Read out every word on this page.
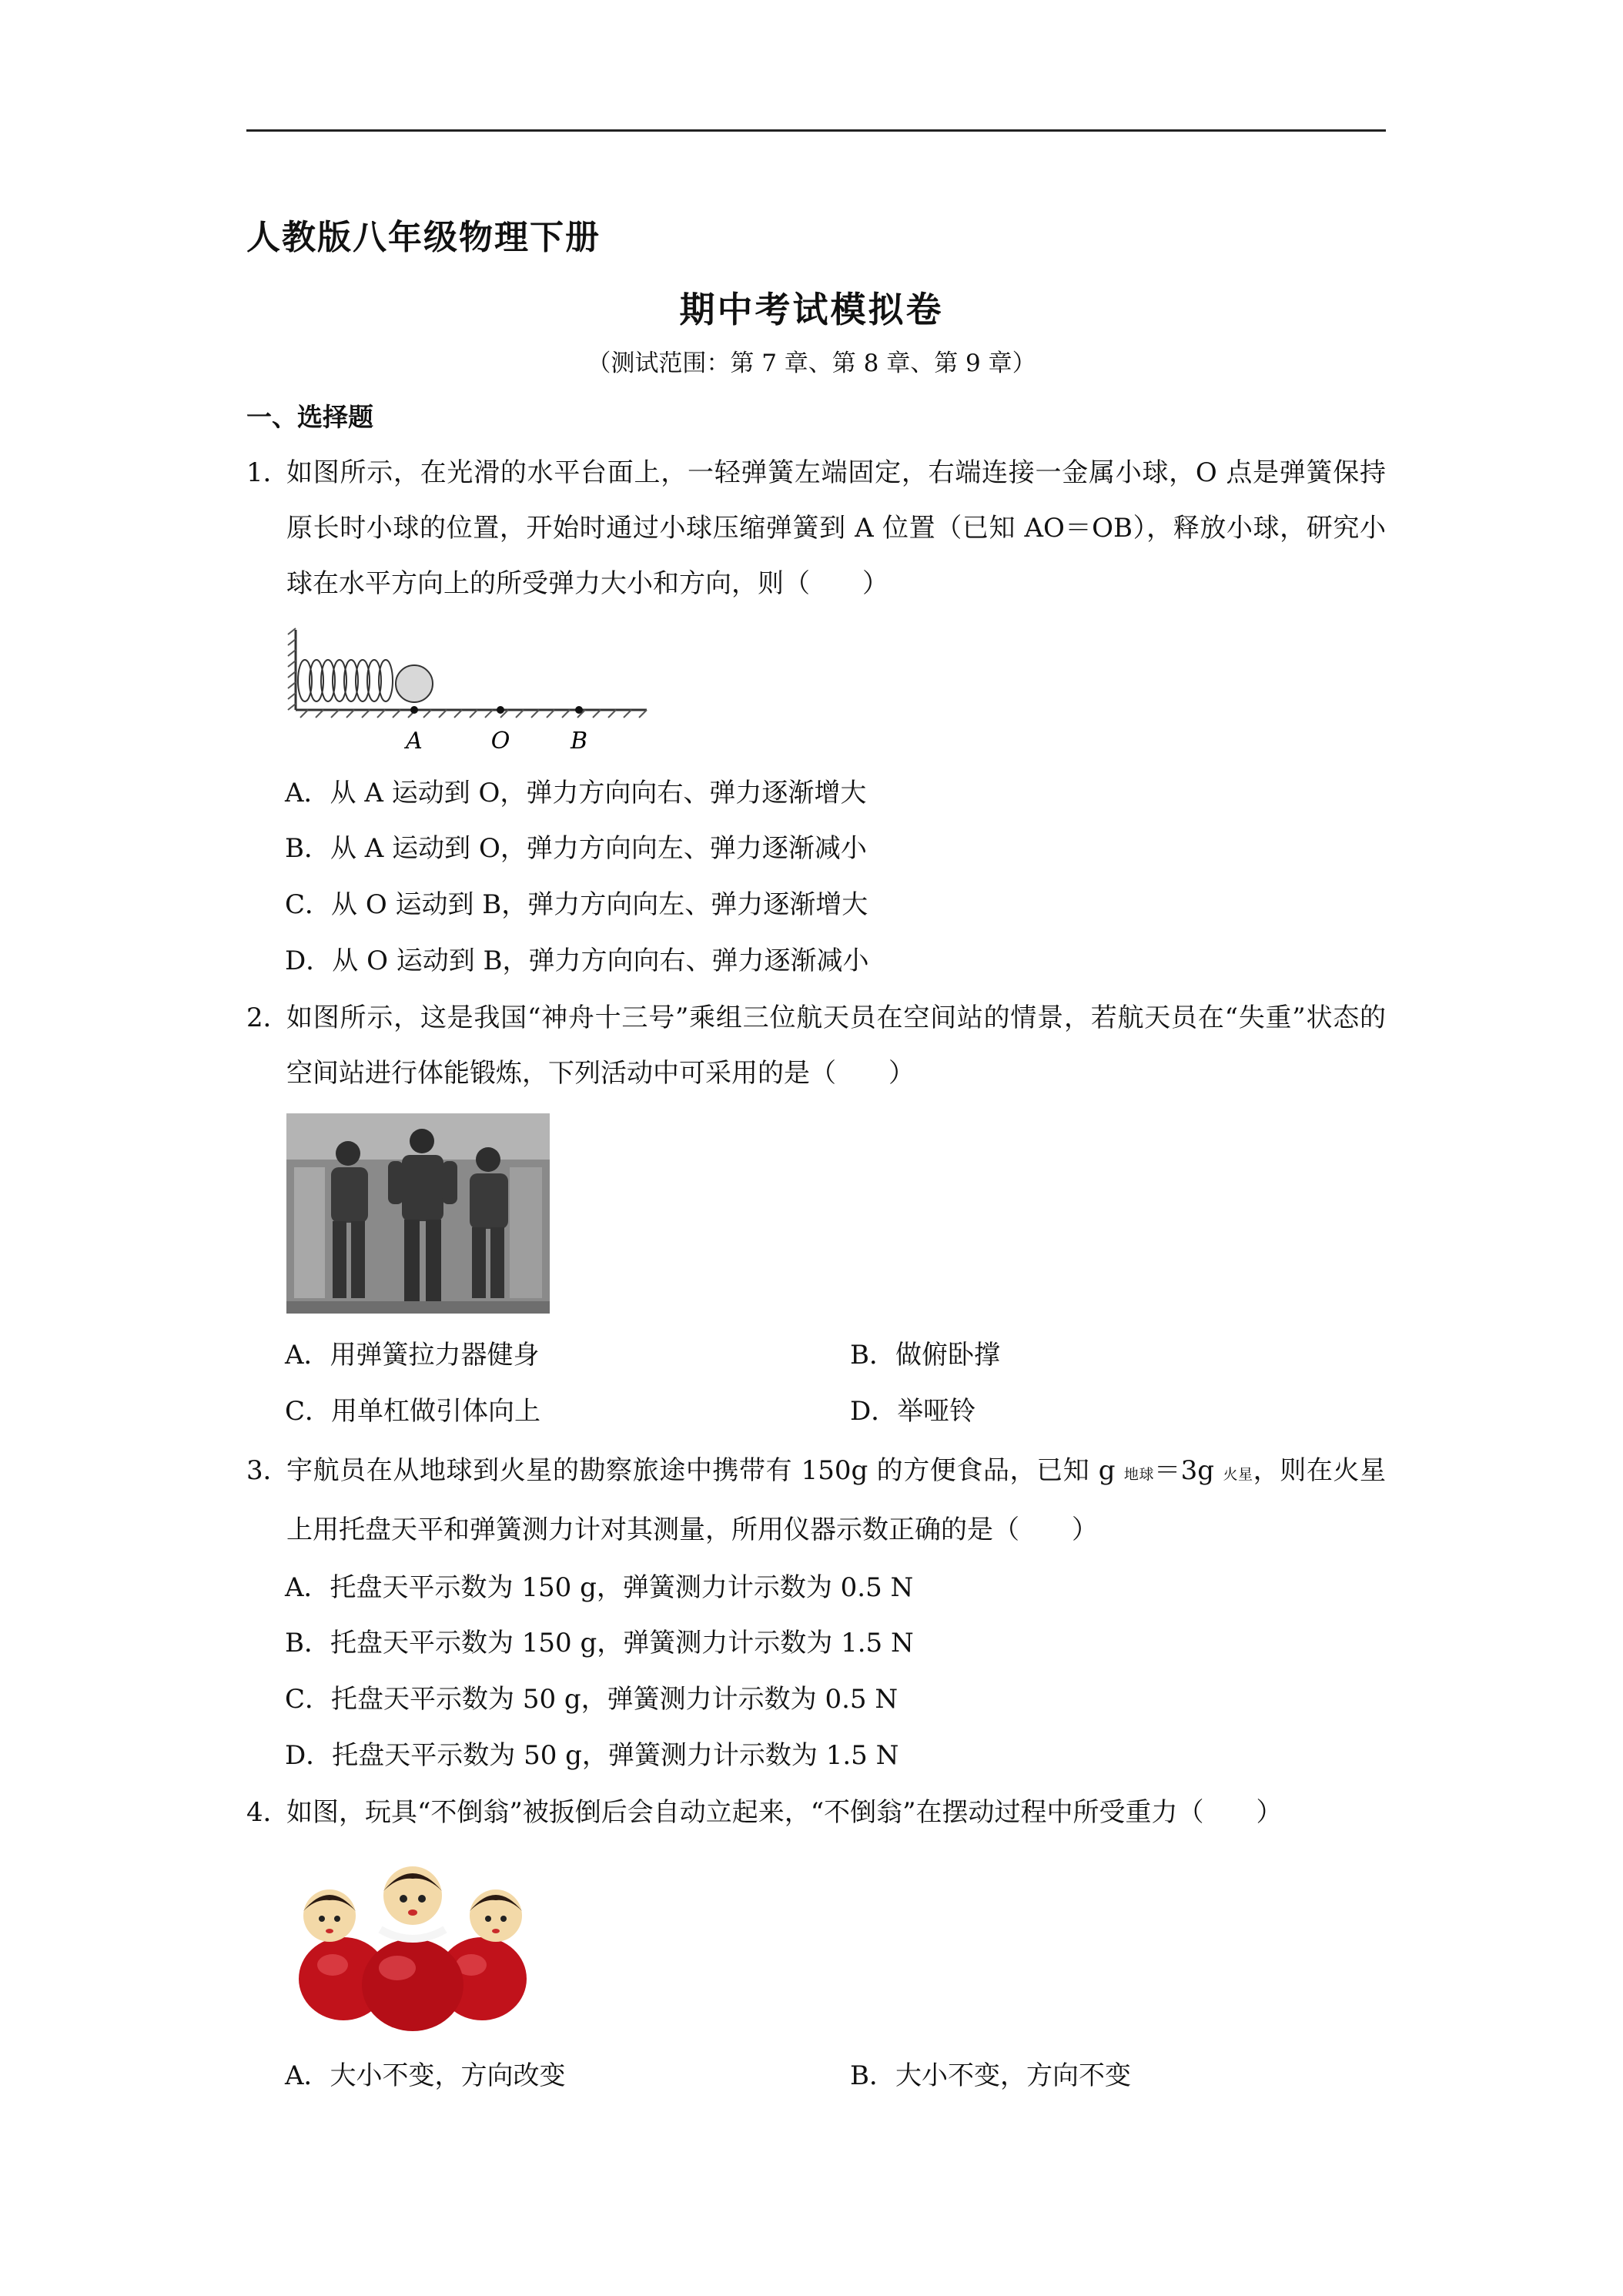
人教版八年级物理下册
期中考试模拟卷
（测试范围：第 7 章、第 8 章、第 9 章）
一、选择题
1．
如图所示，在光滑的水平台面上，一轻弹簧左端固定，右端连接一金属小球，O 点是弹簧保持原长时小球的位置，开始时通过小球压缩弹簧到 A 位置（已知 AO＝OB），释放小球，研究小球在水平方向上的所受弹力大小和方向，则（　　）
A	O	B
A．从 A 运动到 O，弹力方向向右、弹力逐渐增大
B．从 A 运动到 O，弹力方向向左、弹力逐渐减小
C．从 O 运动到 B，弹力方向向左、弹力逐渐增大
D．从 O 运动到 B，弹力方向向右、弹力逐渐减小
2．
如图所示，这是我国“神舟十三号”乘组三位航天员在空间站的情景，若航天员在“失重”状态的空间站进行体能锻炼，下列活动中可采用的是（　　）
A．用弹簧拉力器健身	B．做俯卧撑
C．用单杠做引体向上	D．举哑铃
3．
宇航员在从地球到火星的勘察旅途中携带有 150g 的方便食品，已知 g 地球＝3g 火星，则在火星上用托盘天平和弹簧测力计对其测量，所用仪器示数正确的是（　　）
A．托盘天平示数为 150 g，弹簧测力计示数为 0.5 N
B．托盘天平示数为 150 g，弹簧测力计示数为 1.5 N
C．托盘天平示数为 50 g，弹簧测力计示数为 0.5 N
D．托盘天平示数为 50 g，弹簧测力计示数为 1.5 N
4．
如图，玩具“不倒翁”被扳倒后会自动立起来，“不倒翁”在摆动过程中所受重力（　　）
A．大小不变，方向改变	B．大小不变，方向不变
